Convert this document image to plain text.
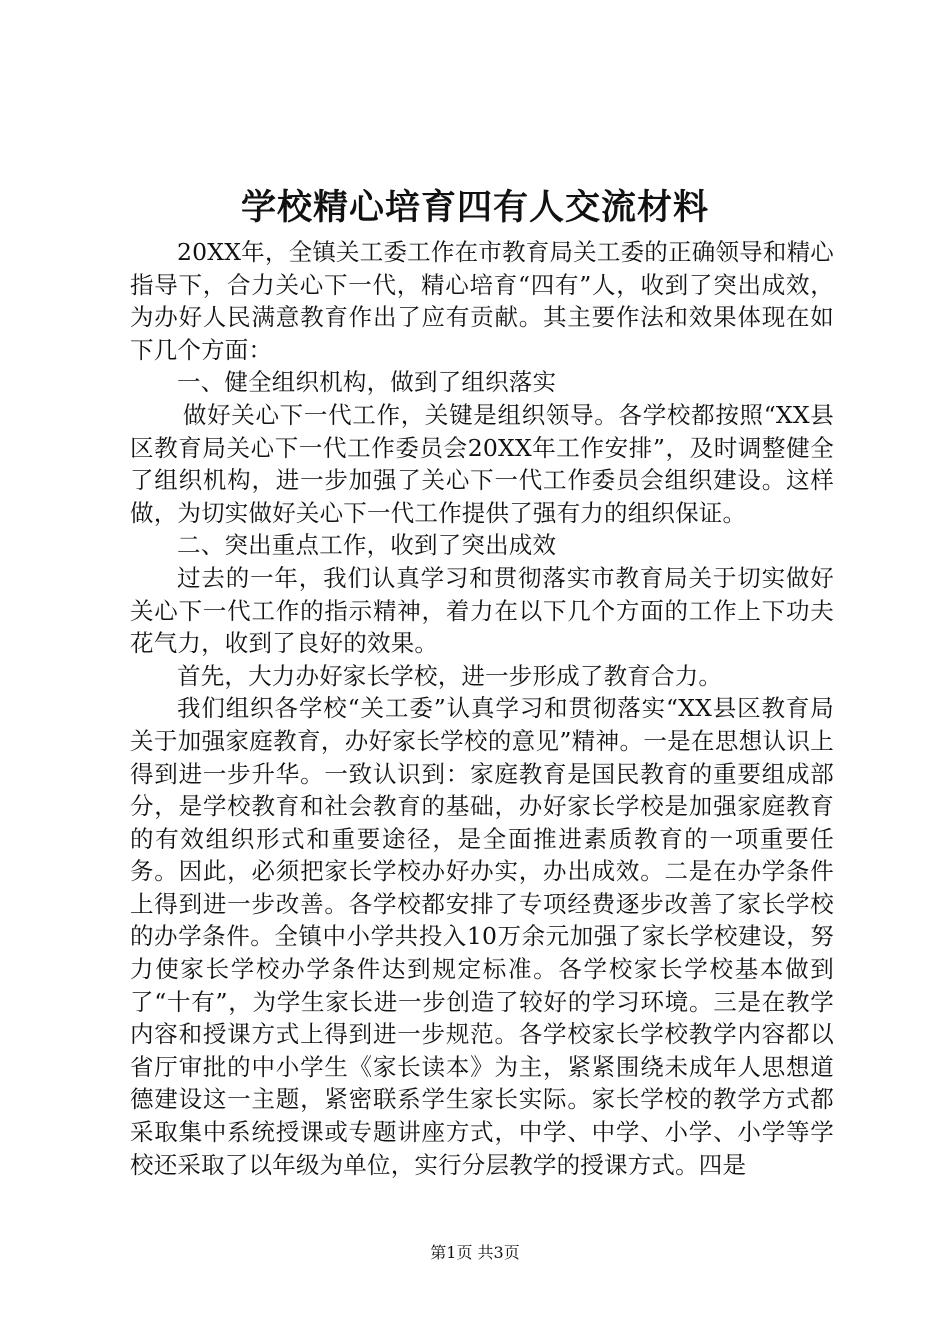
学校精心培育四有人交流材料

20XX年，全镇关工委工作在市教育局关工委的正确领导和精心指导下，合力关心下一代，精心培育“四有”人，收到了突出成效，为办好人民满意教育作出了应有贡献。其主要作法和效果体现在如下几个方面：

一、健全组织机构，做到了组织落实

做好关心下一代工作，关键是组织领导。各学校都按照“XX县区教育局关心下一代工作委员会20XX年工作安排”，及时调整健全了组织机构，进一步加强了关心下一代工作委员会组织建设。这样做，为切实做好关心下一代工作提供了强有力的组织保证。

二、突出重点工作，收到了突出成效

过去的一年，我们认真学习和贯彻落实市教育局关于切实做好关心下一代工作的指示精神，着力在以下几个方面的工作上下功夫花气力，收到了良好的效果。

首先，大力办好家长学校，进一步形成了教育合力。

我们组织各学校“关工委”认真学习和贯彻落实“XX县区教育局关于加强家庭教育，办好家长学校的意见”精神。一是在思想认识上得到进一步升华。一致认识到：家庭教育是国民教育的重要组成部分，是学校教育和社会教育的基础，办好家长学校是加强家庭教育的有效组织形式和重要途径，是全面推进素质教育的一项重要任务。因此，必须把家长学校办好办实，办出成效。二是在办学条件上得到进一步改善。各学校都安排了专项经费逐步改善了家长学校的办学条件。全镇中小学共投入10万余元加强了家长学校建设，努力使家长学校办学条件达到规定标准。各学校家长学校基本做到了“十有”，为学生家长进一步创造了较好的学习环境。三是在教学内容和授课方式上得到进一步规范。各学校家长学校教学内容都以省厅审批的中小学生《家长读本》为主，紧紧围绕未成年人思想道德建设这一主题，紧密联系学生家长实际。家长学校的教学方式都采取集中系统授课或专题讲座方式，中学、中学、小学、小学等学校还采取了以年级为单位，实行分层教学的授课方式。四是

第1页 共3页
